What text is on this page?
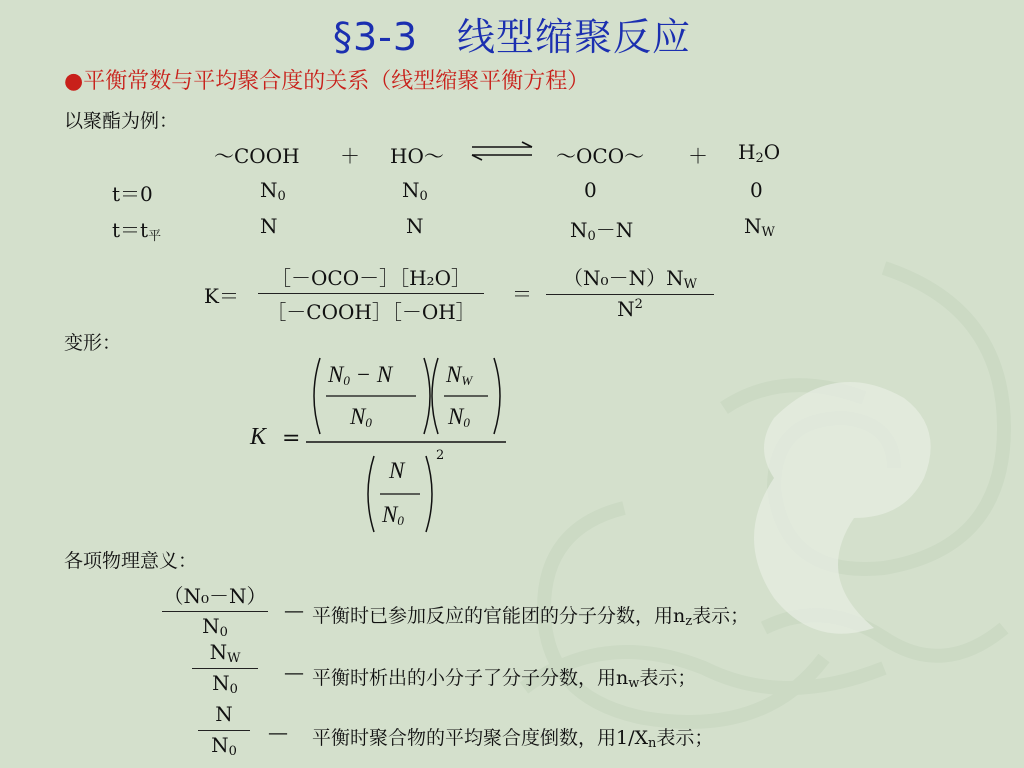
§3-3　线型缩聚反应
●平衡常数与平均聚合度的关系（线型缩聚平衡方程）
以聚酯为例：
～COOH ＋ HO～	～OCO～ ＋ $H_2O$
t＝0	$N_0$	$N_0$	0	0
$t=t_平$	N	N	$N_0-N$	$N_W$
K＝
［－OCO－］［H₂O］
［－COOH］［－OH］
＝
$(N_0-N)N_W$
$N^2$
变形：
K =
$N_0 - N$
$N_0$
$N_W$
$N_0$
N
$N_0$
2
各项物理意义：
（N₀－N）
$N_0$
— 平衡时已参加反应的官能团的分子分数，用$n_z$表示；
$N_W$
$N_0$
— 平衡时析出的小分子了分子分数，用$n_w$表示；
N
$N_0$
— 平衡时聚合物的平均聚合度倒数，用$1/X_n$表示；
